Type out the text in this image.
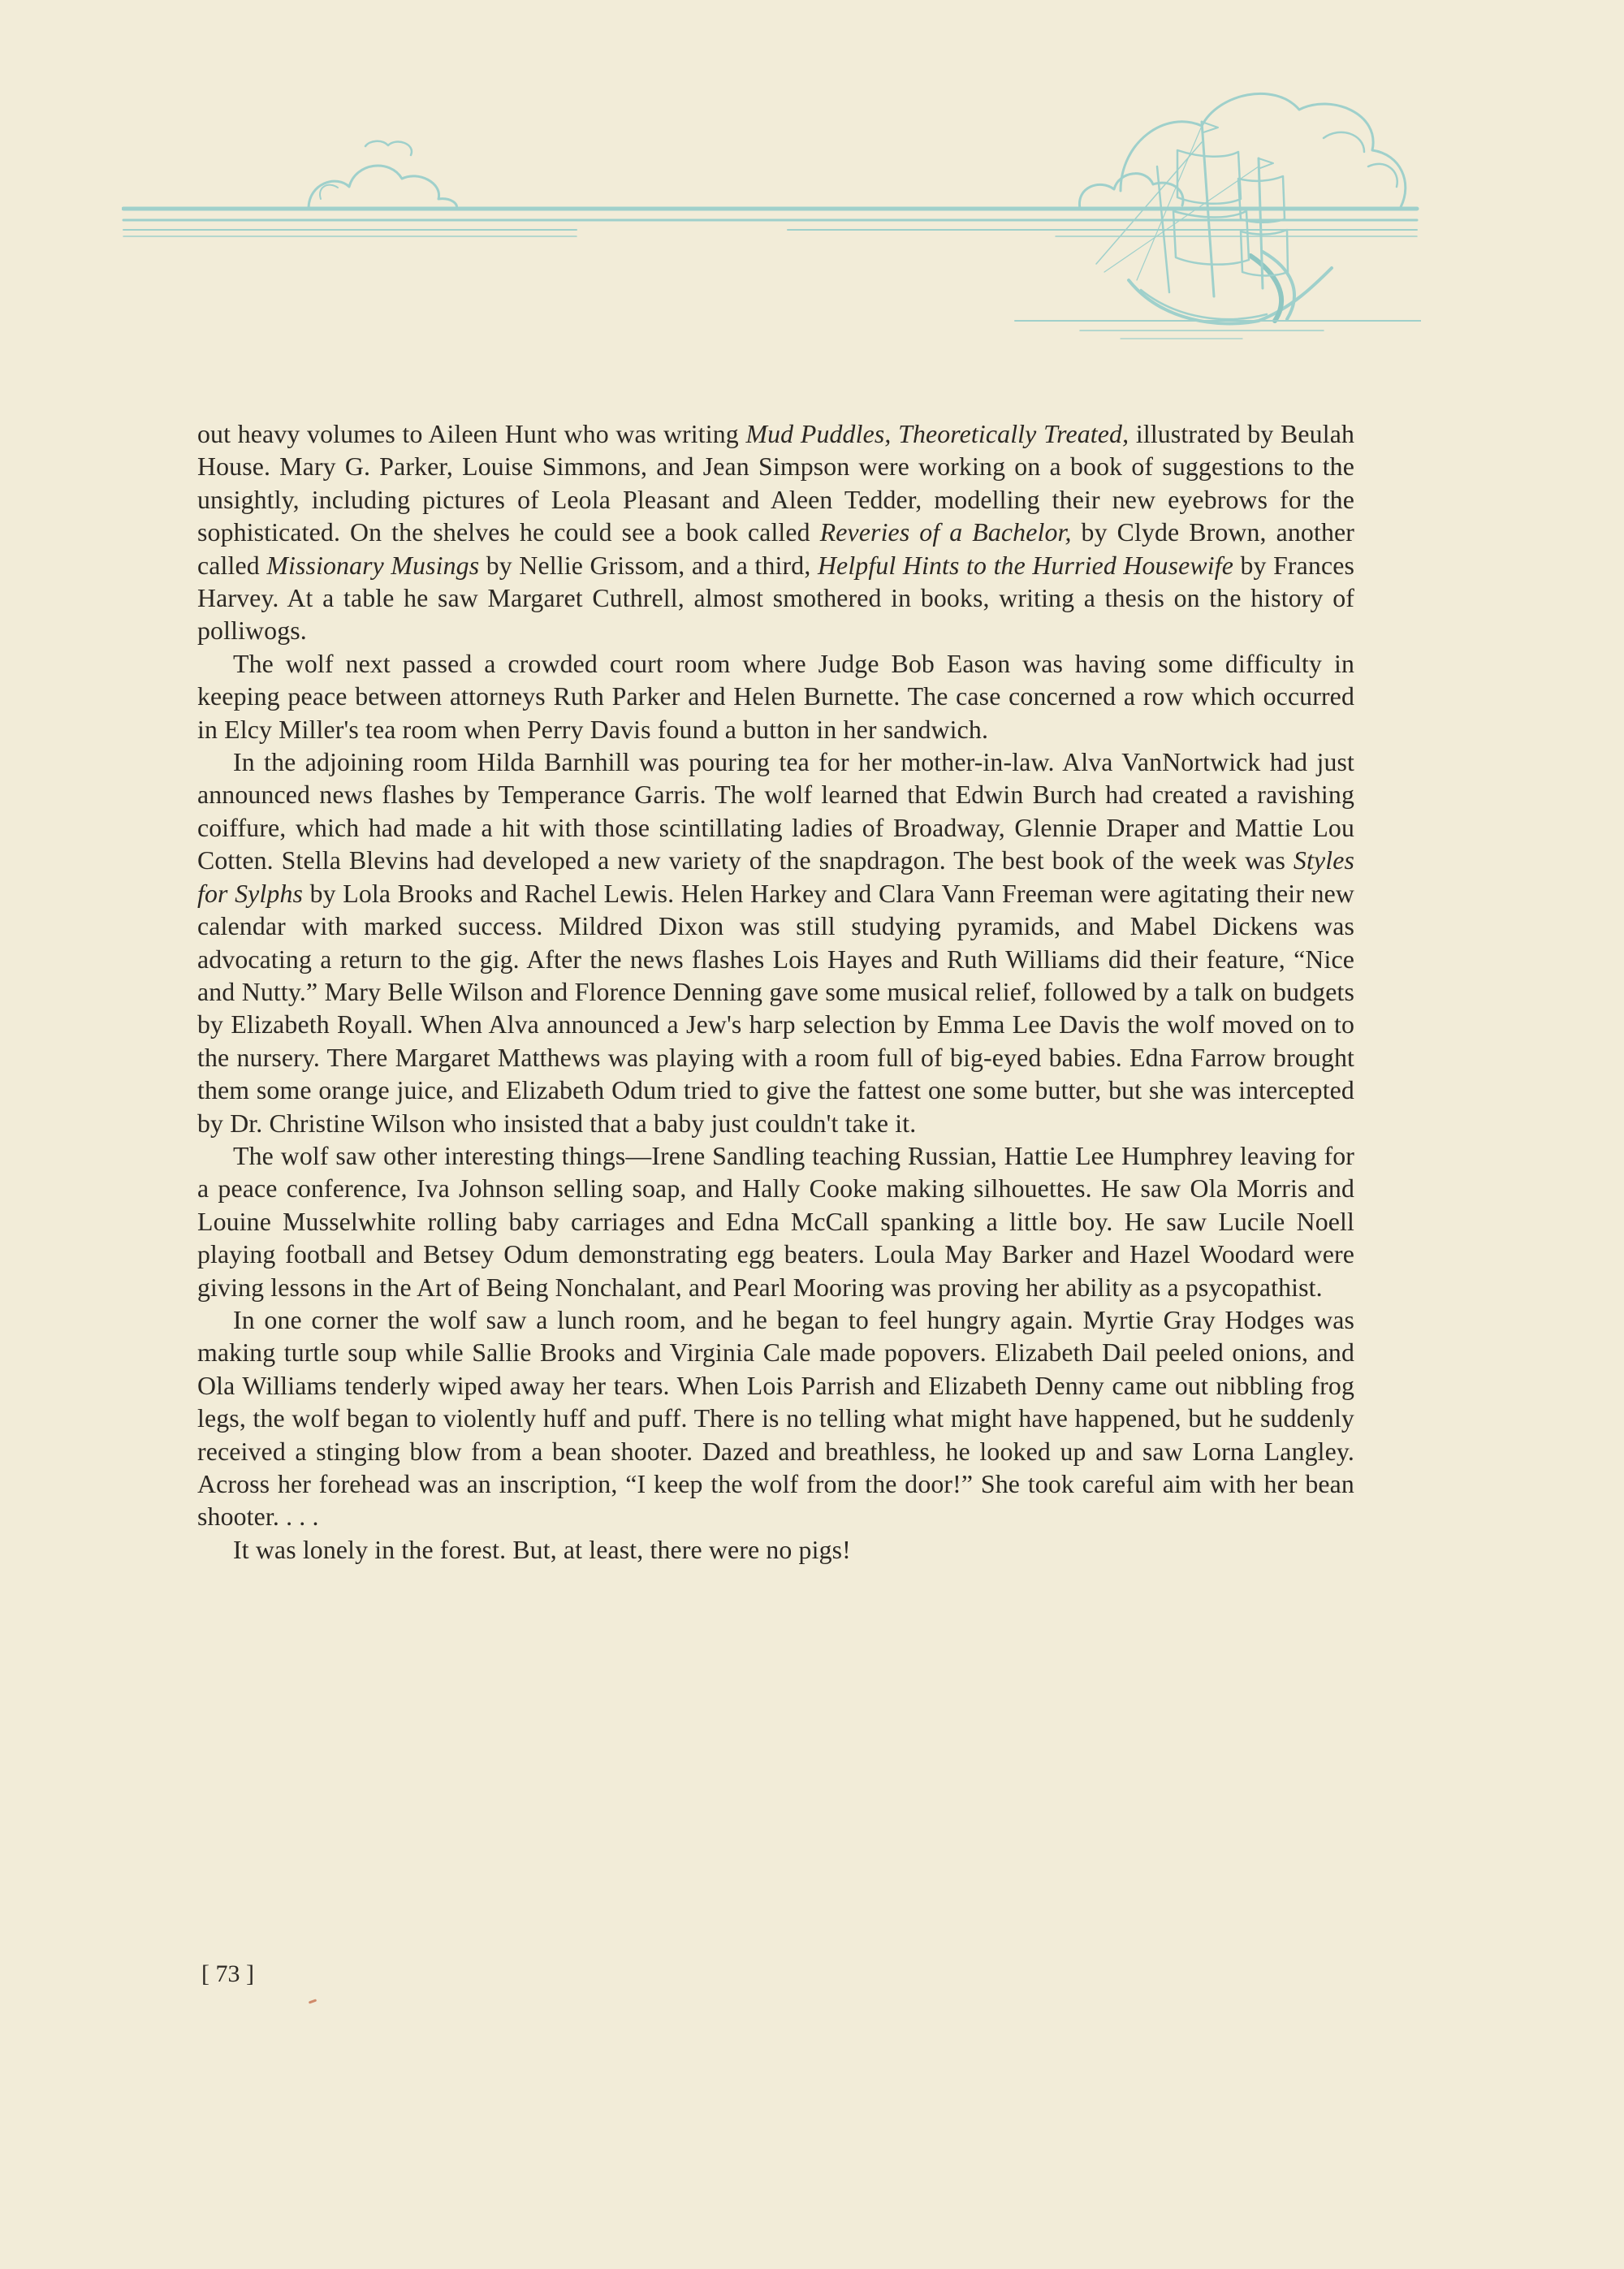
out heavy volumes to Aileen Hunt who was writing Mud Puddles, Theoretically Treated, illustrated by Beulah House. Mary G. Parker, Louise Simmons, and Jean Simpson were working on a book of suggestions to the unsightly, including pictures of Leola Pleasant and Aleen Tedder, modelling their new eyebrows for the sophisticated. On the shelves he could see a book called Reveries of a Bachelor, by Clyde Brown, another called Missionary Musings by Nellie Grissom, and a third, Helpful Hints to the Hurried Housewife by Frances Harvey. At a table he saw Margaret Cuthrell, almost smothered in books, writing a thesis on the history of polliwogs.

The wolf next passed a crowded court room where Judge Bob Eason was having some difficulty in keeping peace between attorneys Ruth Parker and Helen Burnette. The case concerned a row which occurred in Elcy Miller's tea room when Perry Davis found a button in her sandwich.

In the adjoining room Hilda Barnhill was pouring tea for her mother-in-law. Alva VanNortwick had just announced news flashes by Temperance Garris. The wolf learned that Edwin Burch had created a ravishing coiffure, which had made a hit with those scintillating ladies of Broadway, Glennie Draper and Mattie Lou Cotten. Stella Blevins had developed a new variety of the snapdragon. The best book of the week was Styles for Sylphs by Lola Brooks and Rachel Lewis. Helen Harkey and Clara Vann Freeman were agitating their new calendar with marked success. Mildred Dixon was still studying pyramids, and Mabel Dickens was advocating a return to the gig. After the news flashes Lois Hayes and Ruth Williams did their feature, “Nice and Nutty.” Mary Belle Wilson and Florence Denning gave some musical relief, followed by a talk on budgets by Elizabeth Royall. When Alva announced a Jew's harp selection by Emma Lee Davis the wolf moved on to the nursery. There Margaret Matthews was playing with a room full of big-eyed babies. Edna Farrow brought them some orange juice, and Elizabeth Odum tried to give the fattest one some butter, but she was intercepted by Dr. Christine Wilson who insisted that a baby just couldn't take it.

The wolf saw other interesting things—Irene Sandling teaching Russian, Hattie Lee Humphrey leaving for a peace conference, Iva Johnson selling soap, and Hally Cooke making silhouettes. He saw Ola Morris and Louine Musselwhite rolling baby carriages and Edna McCall spanking a little boy. He saw Lucile Noell playing football and Betsey Odum demonstrating egg beaters. Loula May Barker and Hazel Woodard were giving lessons in the Art of Being Nonchalant, and Pearl Mooring was proving her ability as a psycopathist.

In one corner the wolf saw a lunch room, and he began to feel hungry again. Myrtie Gray Hodges was making turtle soup while Sallie Brooks and Virginia Cale made popovers. Elizabeth Dail peeled onions, and Ola Williams tenderly wiped away her tears. When Lois Parrish and Elizabeth Denny came out nibbling frog legs, the wolf began to violently huff and puff. There is no telling what might have happened, but he suddenly received a stinging blow from a bean shooter. Dazed and breathless, he looked up and saw Lorna Langley. Across her forehead was an inscription, “I keep the wolf from the door!” She took careful aim with her bean shooter. . . .

It was lonely in the forest. But, at least, there were no pigs!

[ 73 ]
